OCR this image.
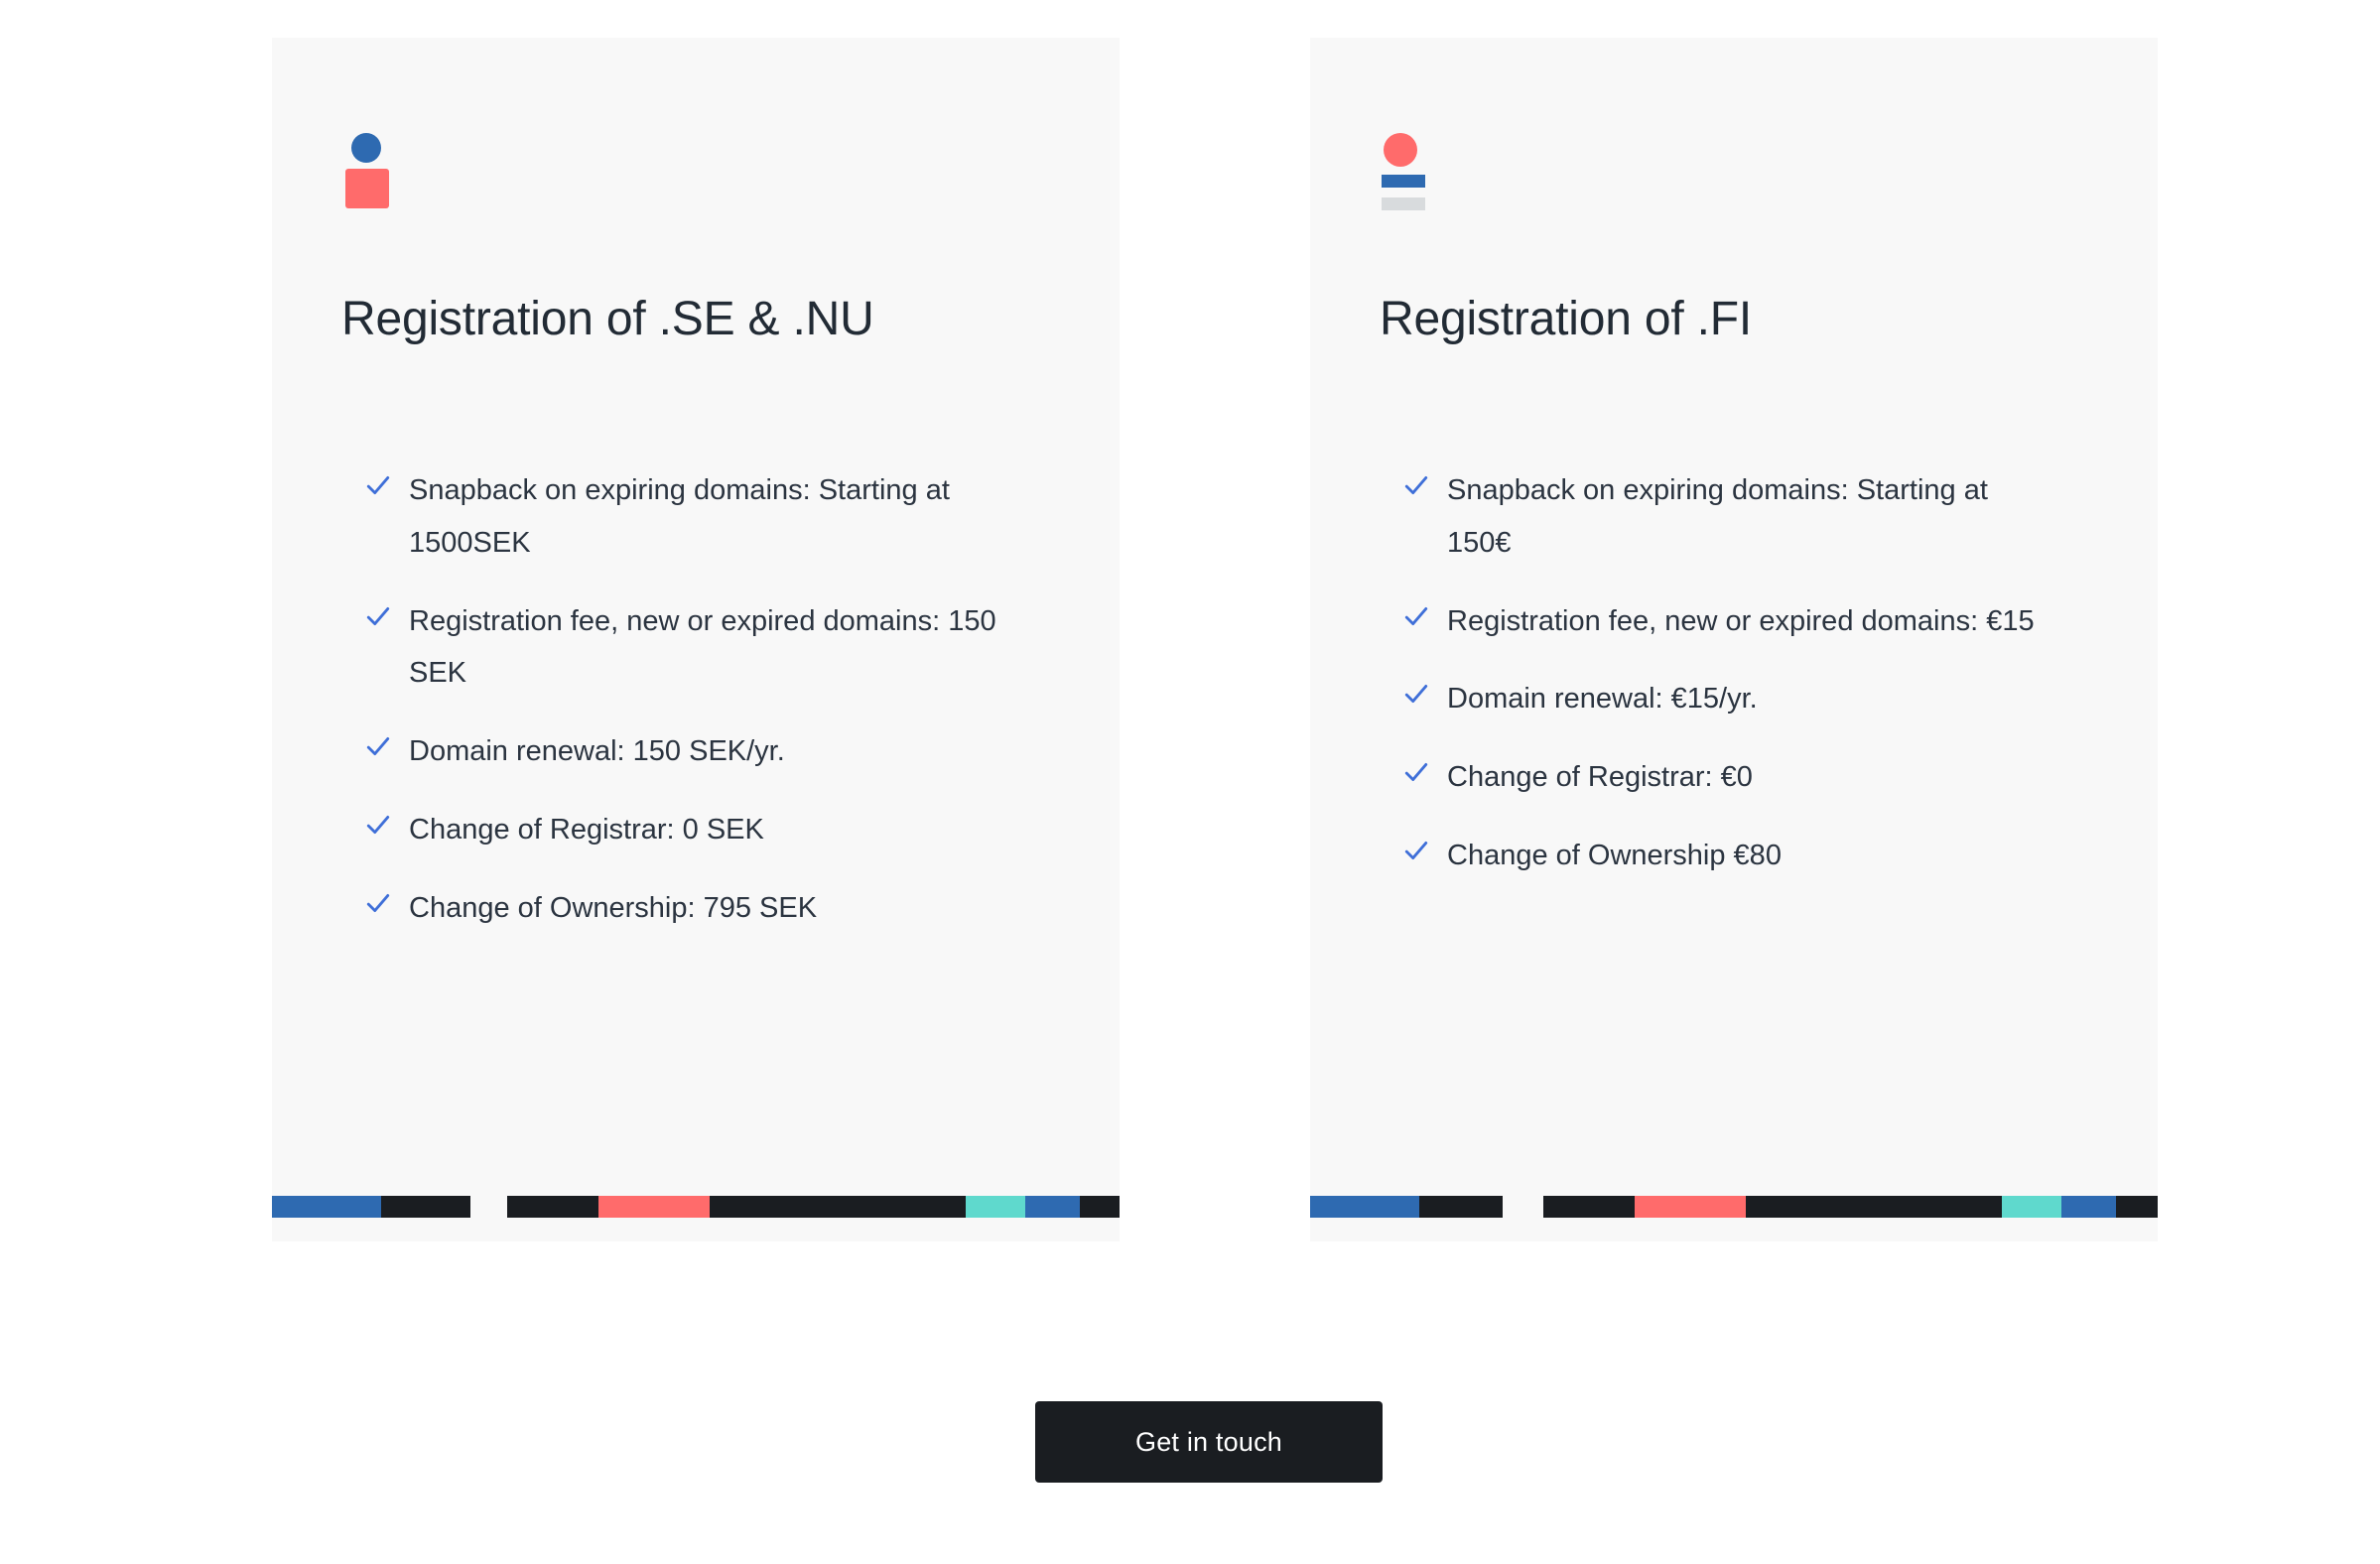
Registration of .SE & .NU
Snapback on expiring domains: Starting at 1500SEK
Registration fee, new or expired domains: 150 SEK
Domain renewal: 150 SEK/yr.
Change of Registrar: 0 SEK
Change of Ownership: 795 SEK
Registration of .FI
Snapback on expiring domains: Starting at 150€
Registration fee, new or expired domains: €15
Domain renewal: €15/yr.
Change of Registrar: €0
Change of Ownership €80
Get in touch
